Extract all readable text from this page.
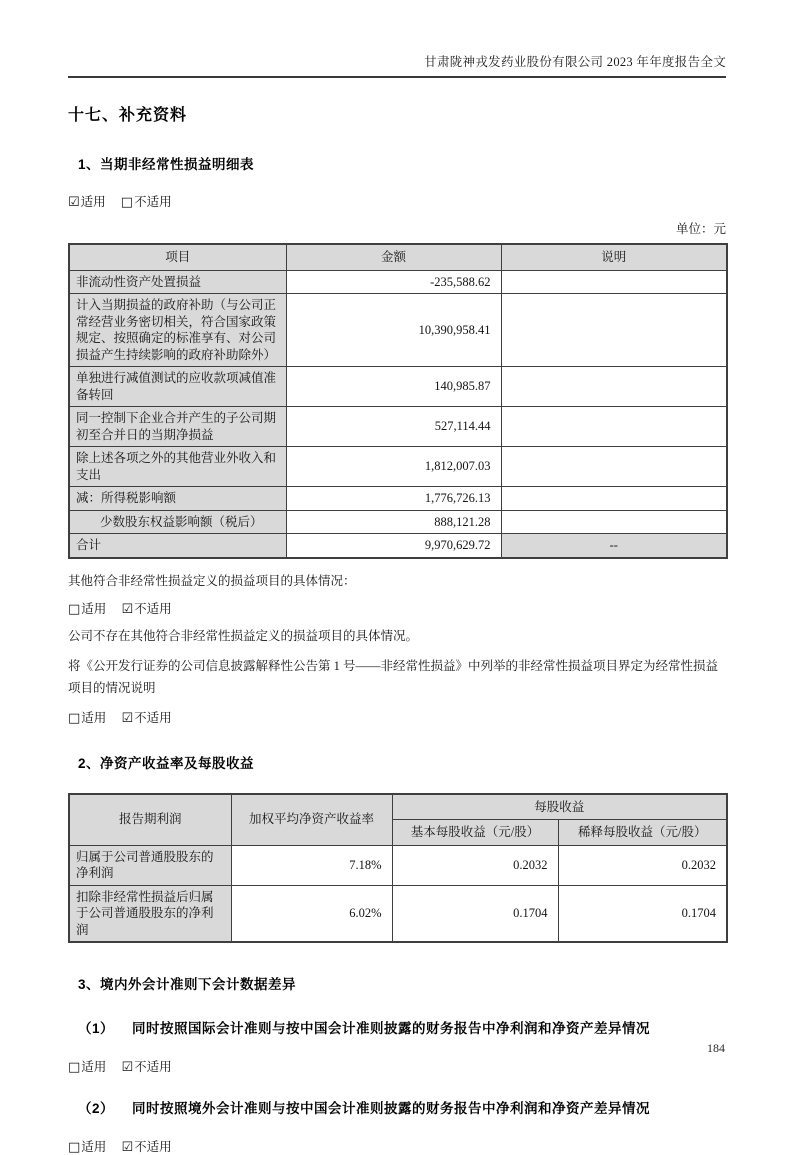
甘肃陇神戎发药业股份有限公司 2023 年年度报告全文
十七、补充资料
1、当期非经常性损益明细表
☑适用 □不适用
单位：元
项目	金额	说明
非流动性资产处置损益	-235,588.62	
计入当期损益的政府补助（与公司正常经营业务密切相关，符合国家政策规定、按照确定的标准享有、对公司损益产生持续影响的政府补助除外）	10,390,958.41	
单独进行减值测试的应收款项减值准备转回	140,985.87	
同一控制下企业合并产生的子公司期初至合并日的当期净损益	527,114.44	
除上述各项之外的其他营业外收入和支出	1,812,007.03	
减：所得税影响额	1,776,726.13	
少数股东权益影响额（税后）	888,121.28	
合计	9,970,629.72	--
其他符合非经常性损益定义的损益项目的具体情况：
□适用 ☑不适用
公司不存在其他符合非经常性损益定义的损益项目的具体情况。
将《公开发行证券的公司信息披露解释性公告第 1 号——非经常性损益》中列举的非经常性损益项目界定为经常性损益项目的情况说明
□适用 ☑不适用
2、净资产收益率及每股收益
报告期利润	加权平均净资产收益率	每股收益	
		基本每股收益（元/股）	稀释每股收益（元/股）
归属于公司普通股股东的净利润	7.18%	0.2032	0.2032
扣除非经常性损益后归属于公司普通股股东的净利润	6.02%	0.1704	0.1704
3、境内外会计准则下会计数据差异
（1） 同时按照国际会计准则与按中国会计准则披露的财务报告中净利润和净资产差异情况
□适用 ☑不适用
（2） 同时按照境外会计准则与按中国会计准则披露的财务报告中净利润和净资产差异情况
□适用 ☑不适用
184
